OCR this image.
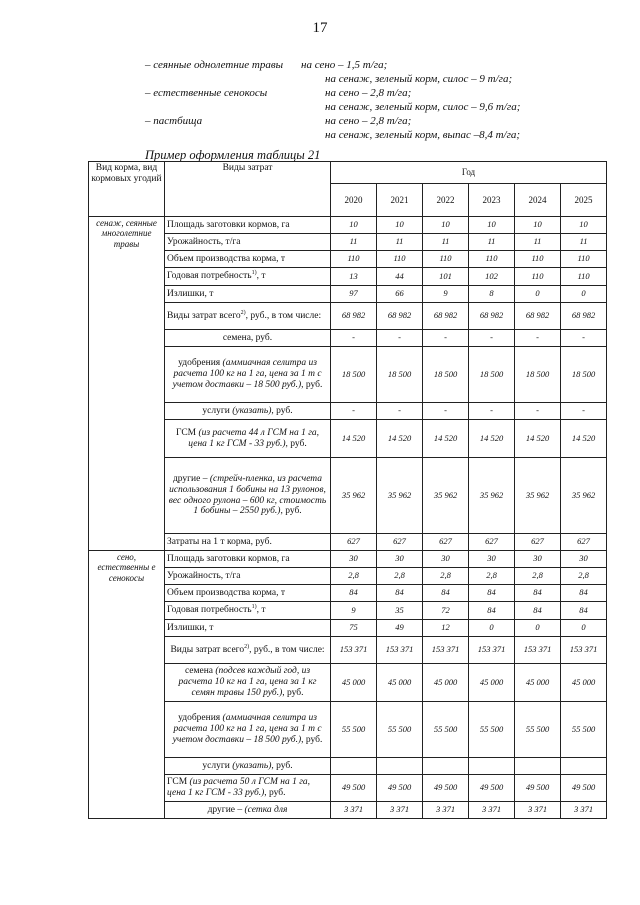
17
– сеянные однолетние травы на сено – 1,5 т/га;
на сенаж, зеленый корм, силос – 9 т/га;
– естественные сенокосы	на сено – 2,8 т/га;
на сенаж, зеленый корм, силос – 9,6 т/га;
– пастбища	на сено – 2,8 т/га;
на сенаж, зеленый корм, выпас –8,4 т/га;
Пример оформления таблицы 21
Вид корма, вид кормовых угодий	Виды затрат	Год					
		2020	2021	2022	2023	2024	2025
сенаж, сеянные многолетние травы	Площадь заготовки кормов, га	10	10	10	10	10	10
	Урожайность, т/га	11	11	11	11	11	11
	Объем производства корма, т	110	110	110	110	110	110
	Годовая потребность$^{1)}$, т	13	44	101	102	110	110
	Излишки, т	97	66	9	8	0	0
	Виды затрат всего$^{2)}$, руб., в том числе:	68 982	68 982	68 982	68 982	68 982	68 982
	семена, руб.	-	-	-	-	-	-
	удобрения (аммиачная селитра из расчета 100 кг на 1 га, цена за 1 т с учетом доставки – 18 500 руб.), руб.	18 500	18 500	18 500	18 500	18 500	18 500
	услуги (указать), руб.	-	-	-	-	-	-
	ГСМ (из расчета 44 л ГСМ на 1 га, цена 1 кг ГСМ - 33 руб.), руб.	14 520	14 520	14 520	14 520	14 520	14 520
	другие – (стрейч-пленка, из расчета использования 1 бобины на 13 рулонов, вес одного рулона – 600 кг, стоимость 1 бобины – 2550 руб.), руб.	35 962	35 962	35 962	35 962	35 962	35 962
	Затраты на 1 т корма, руб.	627	627	627	627	627	627
сено, естественны е сенокосы	Площадь заготовки кормов, га	30	30	30	30	30	30
	Урожайность, т/га	2,8	2,8	2,8	2,8	2,8	2,8
	Объем производства корма, т	84	84	84	84	84	84
	Годовая потребность$^{1)}$, т	9	35	72	84	84	84
	Излишки, т	75	49	12	0	0	0
	Виды затрат всего$^{2)}$, руб., в том числе:	153 371	153 371	153 371	153 371	153 371	153 371
	семена (подсев каждый год, из расчета 10 кг на 1 га, цена за 1 кг семян травы 150 руб.), руб.	45 000	45 000	45 000	45 000	45 000	45 000
	удобрения (аммиачная селитра из расчета 100 кг на 1 га, цена за 1 т с учетом доставки – 18 500 руб.), руб.	55 500	55 500	55 500	55 500	55 500	55 500
	услуги (указать), руб.						
	ГСМ (из расчета 50 л ГСМ на 1 га, цена 1 кг ГСМ - 33 руб.), руб.	49 500	49 500	49 500	49 500	49 500	49 500
	другие – (сетка для	3 371	3 371	3 371	3 371	3 371	3 371
